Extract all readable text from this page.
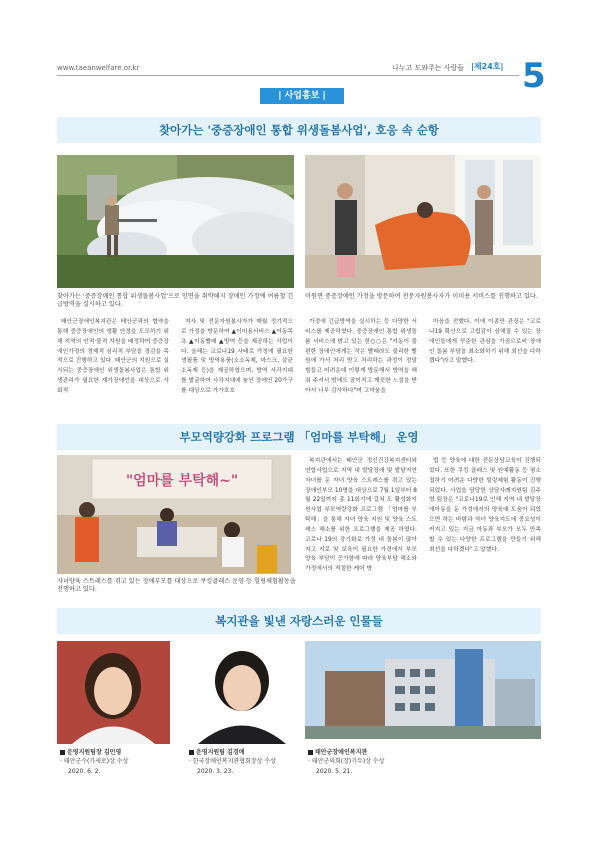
www.taeanwelfare.or.kr	나누고 도와주는 사랑들 |제24호| 5
| 사업홍보 |
찾아가는 '중증장애인 통합 위생돌봄사업', 호응 속 순항
찾아가는 '중증장애인 통합 위생돌봄사업'으로 인연을 취약해지 장애인 가정에 여름철 긴급방역을 실시하고 있다.
이원면 중증장애인 가정을 방문하여 전문자원봉사자가 이미용 서비스를 진행하고 있다.

태안군장애인복지관은 태안군과의 협약을 통해 중증장애인의 생활 안정을 도모하기 위해 지역의 인적·물적 자원을 배정하여 중증장애인가정의 경제적 심리적 부담을 경감을 목적으로 진행하고 있다. 태안군의 지원으로 실시되는 중증장애인 위생돌봄사업은 통합 위생관리가 필요한 재가장애인을 대상으로 사회적

지사 및 전문자원봉사자가 매월 정기적으로 가정을 방문하여 ▲이미용서비스 ▲이동목욕 ▲이동빨래 ▲방역 등을 제공하는 사업이다. 올해는 코로나19 사태로 가정에 필요한 생필품 및 방역용품(소소독제, 마스크, 살균소독제 등)을 제공하였으며, 방역 사각지대를 발굴하여 사각지대에 놓인 장애인 20가구를 대상으로 가가호호

가정에 긴급방역을 실시하는 등 다양한 서비스를 제공하였다. 중증장애인 통합 위생돌봄 서비스에 밝고 있는 한○○은 "거동이 불편한 장애인에게는 작은 빨래라도 불리한 빨원에 가서 처리 받고 처리하는 과정이 정말 힘들고 어려운데 이렇게 방문해서 방역을 해 줘 주셔서 밤에도 잠이지고 깨끗한 느낌을 받아서 너무 감사하다"며 고마움을

마음을 전했다. 이에 이종만 관장은 "코로나19 확산으로 고립감이 심해질 수 있는 장애인들에게 꾸준한 관심을 가짐으로써 장애인 돌봄 부담을 최소화하기 위해 최선을 다하겠다"라고 말했다.

부모역량강화 프로그램 「엄마를 부탁해」 운영
"엄마를 부탁해~"
자녀양육 스트레스를 겪고 있는 장애부모를 대상으로 쿠킹클래스 운영 등 힐링체험활동을 진행하고 있다.

복지관에서는 태안군 정신건강복지센터와 연합사업으로 지역 내 발달장애 및 발달지연 자녀를 둔 자녀 양육 스트레스를 겪고 있는 장애인부모 10명을 대상으로 7월 1일부터 8월 22일까지 총 11회기에 걸쳐 도 활성화지원사업 부모역량강화 프로그램 「엄마를 부탁해」을 통해 자녀 양육 지원 및 양육 스트레스 해소를 위한 프로그램을 제공 하였다. 코로나 19의 장기화로 가정 내 돌봄이 많아지고 지로 및 보육이 필요한 가정에서 부모 양육 부담이 증가함에 따라 양육부담 해소와 가정에서의 적절한 케어 방

법 등 양육에 대한 전문상담교육이 진행되었다. 또한 쿠킹 클래스 및 원예활동 등 평소 접하기 어려운 다양한 힐링체험 활동이 진행되었다. 사업을 담당한 상담사례지원팀 김주영 팀장은 "코로나19로 인해 지역 내 발달장애아동을 둔 가정에서의 양육에 도움이 되었으면 하는 바람과 자녀 양육지도에 중요성이 커지고 있는 지금 아동과 부모가 모두 만족 할 수 있는 다양한 프로그램을 만들기 위해 최선을 다하겠다"고 말했다.

복지관을 빛낸 자랑스러운 인물들
운영지원팀장 김민영
· 태안군수(가세로)상 수상
2020. 6. 2.
운영지원팀 김경애
· 한국장애인복지관협회장상 수상
2020. 3. 23.
태안군장애인복지관
· 태안군의회(장)기두)상 수상
2020. 5. 21.
